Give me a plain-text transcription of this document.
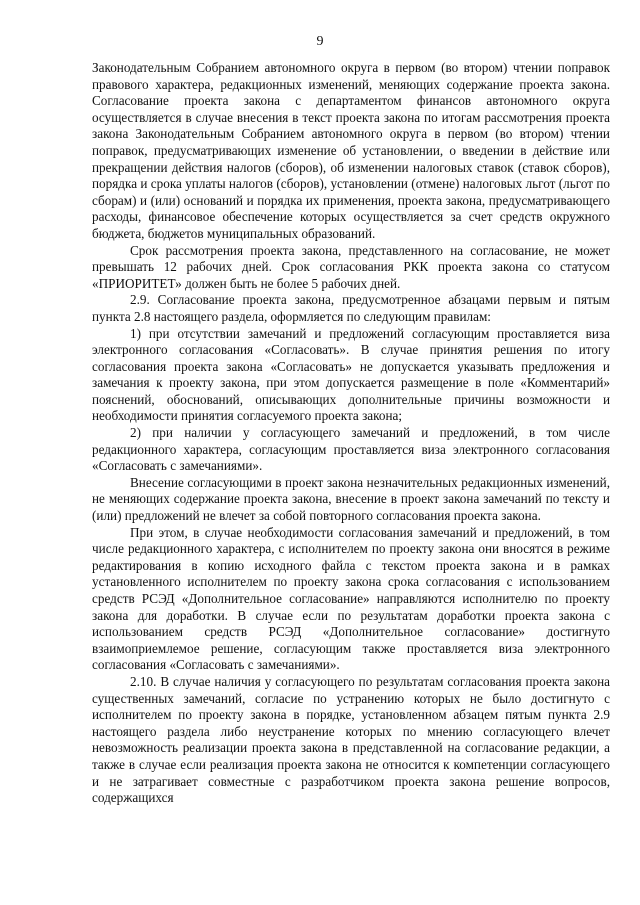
9

Законодательным Собранием автономного округа в первом (во втором) чтении поправок правового характера, редакционных изменений, меняющих содержание проекта закона. Согласование проекта закона с департаментом финансов автономного округа осуществляется в случае внесения в текст проекта закона по итогам рассмотрения проекта закона Законодательным Собранием автономного округа в первом (во втором) чтении поправок, предусматривающих изменение об установлении, о введении в действие или прекращении действия налогов (сборов), об изменении налоговых ставок (ставок сборов), порядка и срока уплаты налогов (сборов), установлении (отмене) налоговых льгот (льгот по сборам) и (или) оснований и порядка их применения, проекта закона, предусматривающего расходы, финансовое обеспечение которых осуществляется за счет средств окружного бюджета, бюджетов муниципальных образований.

Срок рассмотрения проекта закона, представленного на согласование, не может превышать 12 рабочих дней. Срок согласования РКК проекта закона со статусом «ПРИОРИТЕТ» должен быть не более 5 рабочих дней.

2.9. Согласование проекта закона, предусмотренное абзацами первым и пятым пункта 2.8 настоящего раздела, оформляется по следующим правилам:

1) при отсутствии замечаний и предложений согласующим проставляется виза электронного согласования «Согласовать». В случае принятия решения по итогу согласования проекта закона «Согласовать» не допускается указывать предложения и замечания к проекту закона, при этом допускается размещение в поле «Комментарий» пояснений, обоснований, описывающих дополнительные причины возможности и необходимости принятия согласуемого проекта закона;

2) при наличии у согласующего замечаний и предложений, в том числе редакционного характера, согласующим проставляется виза электронного согласования «Согласовать с замечаниями».

Внесение согласующими в проект закона незначительных редакционных изменений, не меняющих содержание проекта закона, внесение в проект закона замечаний по тексту и (или) предложений не влечет за собой повторного согласования проекта закона.

При этом, в случае необходимости согласования замечаний и предложений, в том числе редакционного характера, с исполнителем по проекту закона они вносятся в режиме редактирования в копию исходного файла с текстом проекта закона и в рамках установленного исполнителем по проекту закона срока согласования с использованием средств РСЭД «Дополнительное согласование» направляются исполнителю по проекту закона для доработки. В случае если по результатам доработки проекта закона с использованием средств РСЭД «Дополнительное согласование» достигнуто взаимоприемлемое решение, согласующим также проставляется виза электронного согласования «Согласовать с замечаниями».

2.10. В случае наличия у согласующего по результатам согласования проекта закона существенных замечаний, согласие по устранению которых не было достигнуто с исполнителем по проекту закона в порядке, установленном абзацем пятым пункта 2.9 настоящего раздела либо неустранение которых по мнению согласующего влечет невозможность реализации проекта закона в представленной на согласование редакции, а также в случае если реализация проекта закона не относится к компетенции согласующего и не затрагивает совместные с разработчиком проекта закона решение вопросов, содержащихся
